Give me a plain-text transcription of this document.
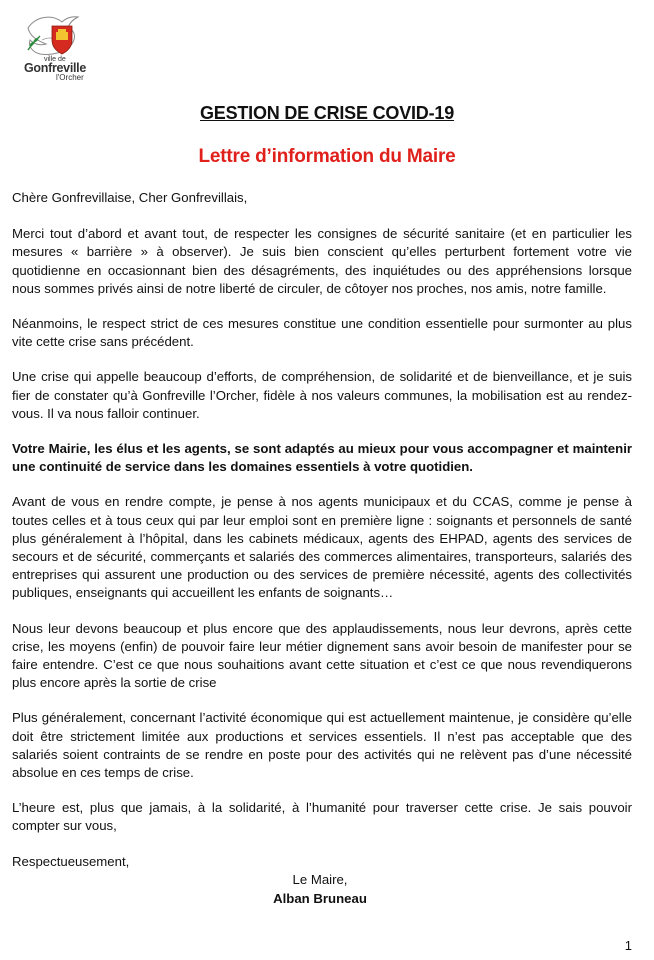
ville de
Gonfreville
l'Orcher
GESTION DE CRISE COVID-19
Lettre d’information du Maire

Chère Gonfrevillaise, Cher Gonfrevillais,

Merci tout d’abord et avant tout, de respecter les consignes de sécurité sanitaire (et en particulier les mesures « barrière » à observer). Je suis bien conscient qu’elles perturbent fortement votre vie quotidienne en occasionnant bien des désagréments, des inquiétudes ou des appréhensions lorsque nous sommes privés ainsi de notre liberté de circuler, de côtoyer nos proches, nos amis, notre famille.

Néanmoins, le respect strict de ces mesures constitue une condition essentielle pour surmonter au plus vite cette crise sans précédent.

Une crise qui appelle beaucoup d’efforts, de compréhension, de solidarité et de bienveillance, et je suis fier de constater qu’à Gonfreville l’Orcher, fidèle à nos valeurs communes, la mobilisation est au rendez-vous. Il va nous falloir continuer.

Votre Mairie, les élus et les agents, se sont adaptés au mieux pour vous accompagner et maintenir une continuité de service dans les domaines essentiels à votre quotidien.

Avant de vous en rendre compte, je pense à nos agents municipaux et du CCAS, comme je pense à toutes celles et à tous ceux qui par leur emploi sont en première ligne : soignants et personnels de santé plus généralement à l’hôpital, dans les cabinets médicaux, agents des EHPAD, agents des services de secours et de sécurité, commerçants et salariés des commerces alimentaires, transporteurs, salariés des entreprises qui assurent une production ou des services de première nécessité, agents des collectivités publiques, enseignants qui accueillent les enfants de soignants…

Nous leur devons beaucoup et plus encore que des applaudissements, nous leur devrons, après cette crise, les moyens (enfin) de pouvoir faire leur métier dignement sans avoir besoin de manifester pour se faire entendre. C’est ce que nous souhaitions avant cette situation et c’est ce que nous revendiquerons plus encore après la sortie de crise

Plus généralement, concernant l’activité économique qui est actuellement maintenue, je considère qu’elle doit être strictement limitée aux productions et services essentiels. Il n’est pas acceptable que des salariés soient contraints de se rendre en poste pour des activités qui ne relèvent pas d’une nécessité absolue en ces temps de crise.

L’heure est, plus que jamais, à la solidarité, à l’humanité pour traverser cette crise. Je sais pouvoir compter sur vous,

Respectueusement,

Le Maire,
Alban Bruneau
1
